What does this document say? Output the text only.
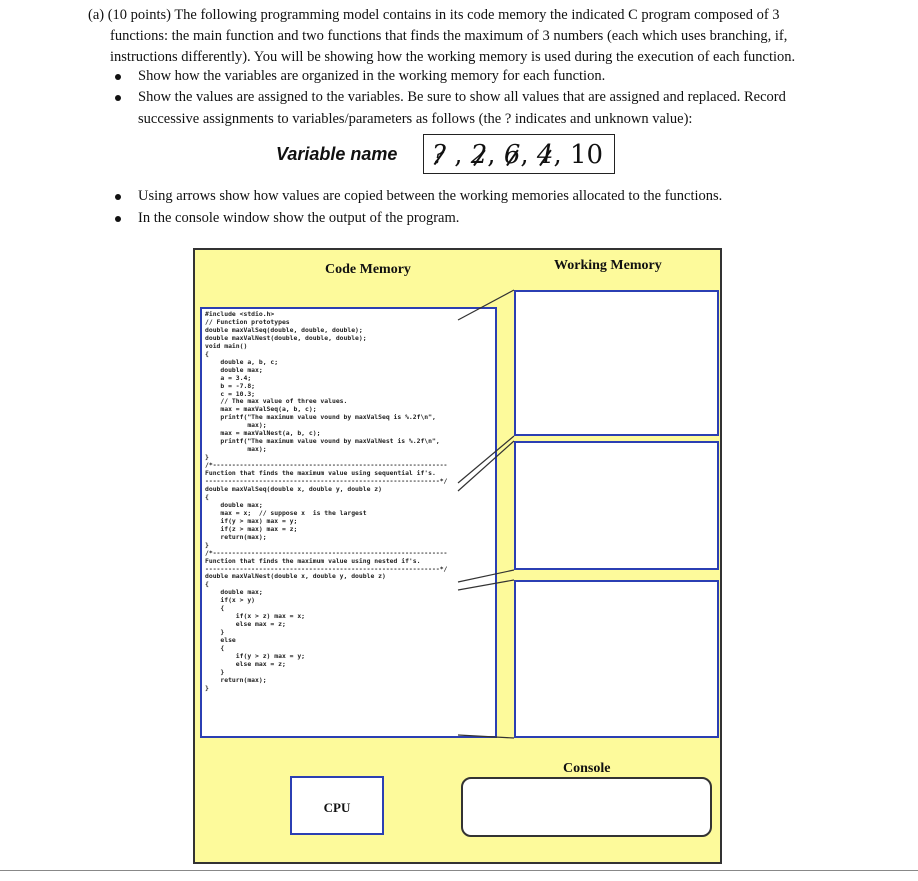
(a) (10 points) The following programming model contains in its code memory the indicated C program composed of 3
functions: the main function and two functions that finds the maximum of 3 numbers (each which uses branching, if,
instructions differently). You will be showing how the working memory is used during the execution of each function.
Show how the variables are organized in the working memory for each function.
Show the values are assigned to the variables. Be sure to show all values that are assigned and replaced. Record
successive assignments to variables/parameters as follows (the ? indicates and unknown value):
Variable name ? , 2, 6, 4, 10
Using arrows show how values are copied between the working memories allocated to the functions.
In the console window show the output of the program.
Code Memory	Working Memory
#include <stdio.h>
// Function prototypes
double maxValSeq(double, double, double);
double maxValNest(double, double, double);
void main()
{
double a, b, c;
double max;
a = 3.4;
b = -7.8;
c = 10.3;
// The max value of three values.
max = maxValSeq(a, b, c);
printf("The maximum value vound by maxValSeq is %.2f\n",
max);
max = maxValNest(a, b, c);
printf("The maximum value vound by maxValNest is %.2f\n",
max);
}
/*-------------------------------------------------------------
Function that finds the maximum value using sequential if's.
-------------------------------------------------------------*/
double maxValSeq(double x, double y, double z)
{
double max;
max = x;  // suppose x  is the largest
if(y > max) max = y;
if(z > max) max = z;
return(max);
}
/*-------------------------------------------------------------
Function that finds the maximum value using nested if's.
-------------------------------------------------------------*/
double maxValNest(double x, double y, double z)
{
double max;
if(x > y)
{
if(x > z) max = x;
else max = z;
}
else
{
if(y > z) max = y;
else max = z;
}
return(max);
}

Console
CPU
